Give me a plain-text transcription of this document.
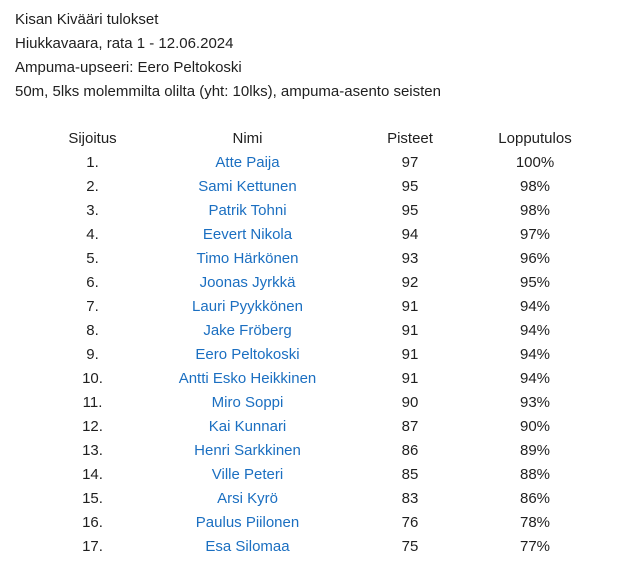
Kisan Kivääri tulokset
Hiukkavaara, rata 1 - 12.06.2024
Ampuma-upseeri: Eero Peltokoski
50m, 5lks molemmilta olilta (yht: 10lks), ampuma-asento seisten
Sijoitus	Nimi	Pisteet	Lopputulos
1.	Atte Paija	97	100%
2.	Sami Kettunen	95	98%
3.	Patrik Tohni	95	98%
4.	Eevert Nikola	94	97%
5.	Timo Härkönen	93	96%
6.	Joonas Jyrkkä	92	95%
7.	Lauri Pyykkönen	91	94%
8.	Jake Fröberg	91	94%
9.	Eero Peltokoski	91	94%
10.	Antti Esko Heikkinen	91	94%
11.	Miro Soppi	90	93%
12.	Kai Kunnari	87	90%
13.	Henri Sarkkinen	86	89%
14.	Ville Peteri	85	88%
15.	Arsi Kyrö	83	86%
16.	Paulus Piilonen	76	78%
17.	Esa Silomaa	75	77%
